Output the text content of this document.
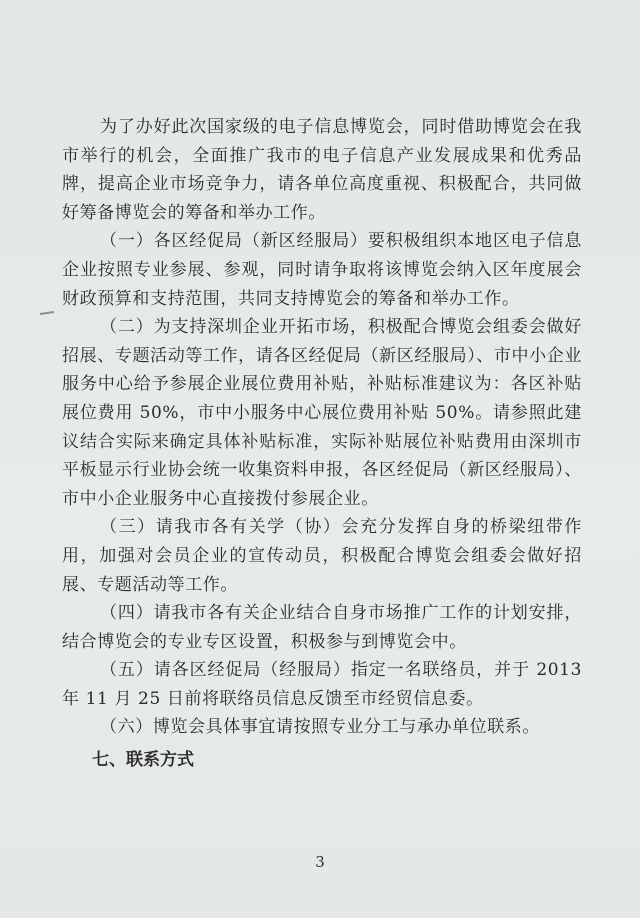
为了办好此次国家级的电子信息博览会，同时借助博览会在我市举行的机会，全面推广我市的电子信息产业发展成果和优秀品牌，提高企业市场竞争力，请各单位高度重视、积极配合，共同做好筹备博览会的筹备和举办工作。

（一）各区经促局（新区经服局）要积极组织本地区电子信息企业按照专业参展、参观，同时请争取将该博览会纳入区年度展会财政预算和支持范围，共同支持博览会的筹备和举办工作。

（二）为支持深圳企业开拓市场，积极配合博览会组委会做好招展、专题活动等工作，请各区经促局（新区经服局）、市中小企业服务中心给予参展企业展位费用补贴，补贴标准建议为：各区补贴展位费用 50%，市中小服务中心展位费用补贴 50%。请参照此建议结合实际来确定具体补贴标准，实际补贴展位补贴费用由深圳市平板显示行业协会统一收集资料申报，各区经促局（新区经服局）、市中小企业服务中心直接拨付参展企业。

（三）请我市各有关学（协）会充分发挥自身的桥梁纽带作用，加强对会员企业的宣传动员，积极配合博览会组委会做好招展、专题活动等工作。

（四）请我市各有关企业结合自身市场推广工作的计划安排，结合博览会的专业专区设置，积极参与到博览会中。

（五）请各区经促局（经服局）指定一名联络员，并于 2013 年 11 月 25 日前将联络员信息反馈至市经贸信息委。

（六）博览会具体事宜请按照专业分工与承办单位联系。

七、联系方式

3
